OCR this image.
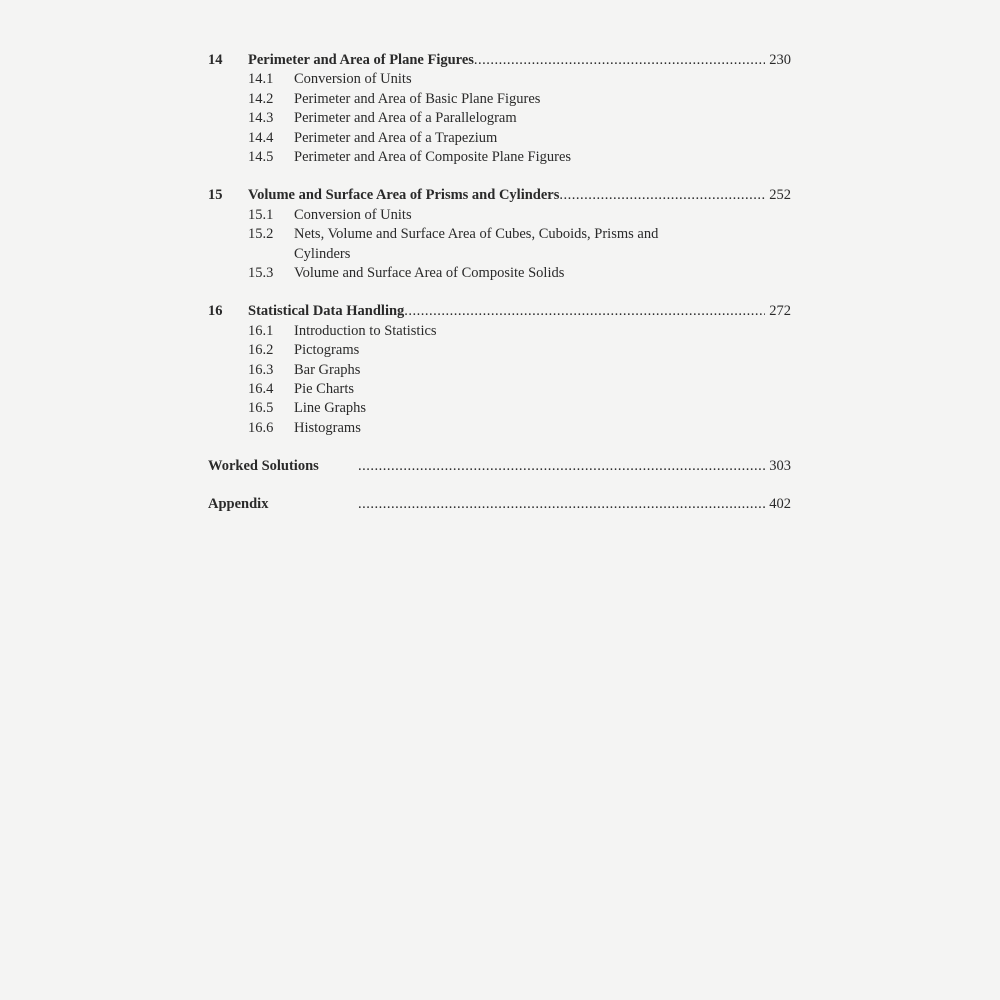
14	Perimeter and Area of Plane Figures .....	230
14.1	Conversion of Units
14.2	Perimeter and Area of Basic Plane Figures
14.3	Perimeter and Area of a Parallelogram
14.4	Perimeter and Area of a Trapezium
14.5	Perimeter and Area of Composite Plane Figures
15	Volume and Surface Area of Prisms and Cylinders .....	252
15.1	Conversion of Units
15.2	Nets, Volume and Surface Area of Cubes, Cuboids, Prisms and Cylinders
15.3	Volume and Surface Area of Composite Solids
16	Statistical Data Handling .....	272
16.1	Introduction to Statistics
16.2	Pictograms
16.3	Bar Graphs
16.4	Pie Charts
16.5	Line Graphs
16.6	Histograms
Worked Solutions .....	303
Appendix .....	402
